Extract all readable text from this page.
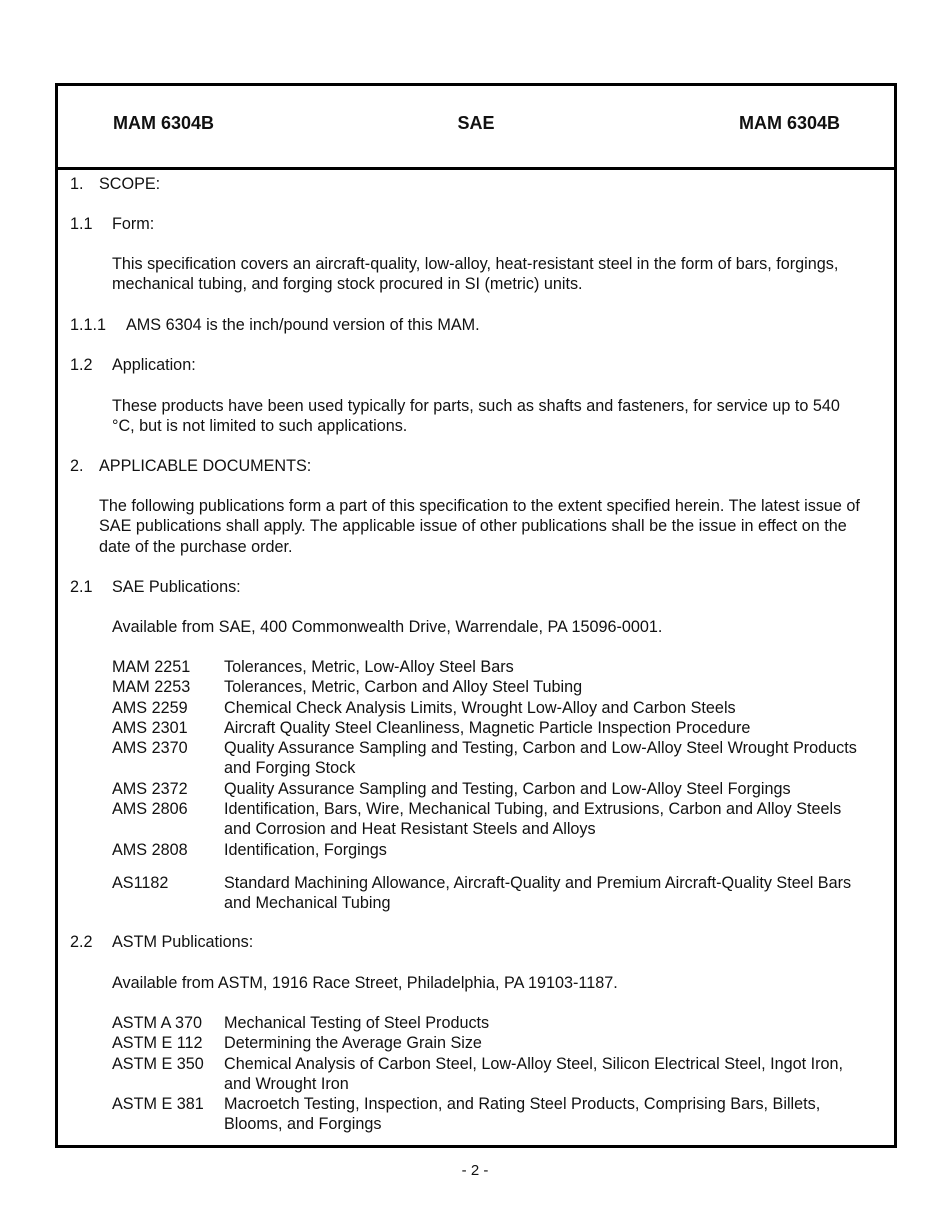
MAM 6304B	SAE	MAM 6304B
1. SCOPE:
1.1 Form:
This specification covers an aircraft-quality, low-alloy, heat-resistant steel in the form of bars, forgings, mechanical tubing, and forging stock procured in SI (metric) units.
1.1.1 AMS 6304 is the inch/pound version of this MAM.
1.2 Application:
These products have been used typically for parts, such as shafts and fasteners, for service up to 540 °C, but is not limited to such applications.
2. APPLICABLE DOCUMENTS:
The following publications form a part of this specification to the extent specified herein. The latest issue of SAE publications shall apply. The applicable issue of other publications shall be the issue in effect on the date of the purchase order.
2.1 SAE Publications:
Available from SAE, 400 Commonwealth Drive, Warrendale, PA 15096-0001.
MAM 2251 Tolerances, Metric, Low-Alloy Steel Bars
MAM 2253 Tolerances, Metric, Carbon and Alloy Steel Tubing
AMS 2259 Chemical Check Analysis Limits, Wrought Low-Alloy and Carbon Steels
AMS 2301 Aircraft Quality Steel Cleanliness, Magnetic Particle Inspection Procedure
AMS 2370 Quality Assurance Sampling and Testing, Carbon and Low-Alloy Steel Wrought Products and Forging Stock
AMS 2372 Quality Assurance Sampling and Testing, Carbon and Low-Alloy Steel Forgings
AMS 2806 Identification, Bars, Wire, Mechanical Tubing, and Extrusions, Carbon and Alloy Steels and Corrosion and Heat Resistant Steels and Alloys
AMS 2808 Identification, Forgings
AS1182	Standard Machining Allowance, Aircraft-Quality and Premium Aircraft-Quality Steel Bars and Mechanical Tubing
2.2 ASTM Publications:
Available from ASTM, 1916 Race Street, Philadelphia, PA 19103-1187.
ASTM A 370 Mechanical Testing of Steel Products
ASTM E 112 Determining the Average Grain Size
ASTM E 350 Chemical Analysis of Carbon Steel, Low-Alloy Steel, Silicon Electrical Steel, Ingot Iron, and Wrought Iron
ASTM E 381 Macroetch Testing, Inspection, and Rating Steel Products, Comprising Bars, Billets, Blooms, and Forgings
- 2 -
